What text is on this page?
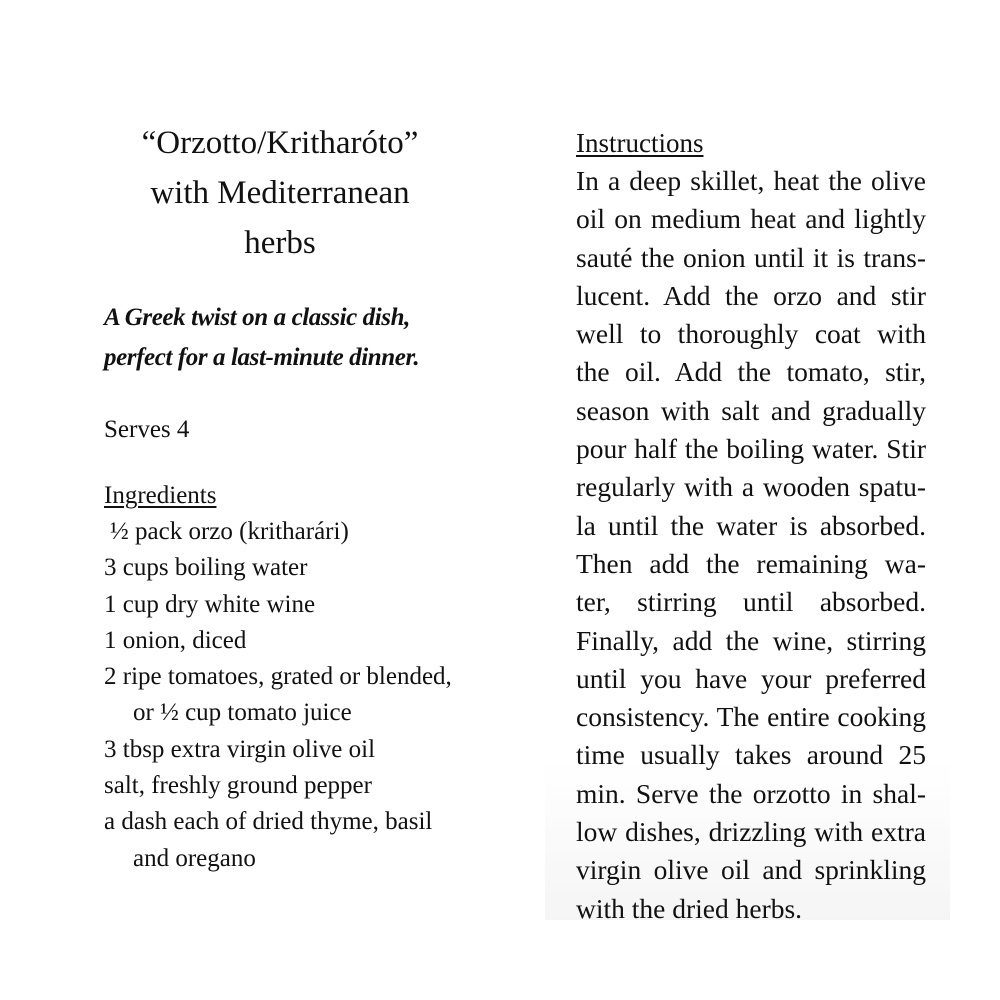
“Orzotto/Kritharóto”
with Mediterranean
herbs

A Greek twist on a classic dish,
perfect for a last-minute dinner.

Serves 4

Ingredients
½ pack orzo (kritharári)
3 cups boiling water
1 cup dry white wine
1 onion, diced
2 ripe tomatoes, grated or blended,
or ½ cup tomato juice
3 tbsp extra virgin olive oil
salt, freshly ground pepper
a dash each of dried thyme, basil
and oregano
Instructions
In a deep skillet, heat the olive
oil on medium heat and lightly
sauté the onion until it is trans-
lucent. Add the orzo and stir
well to thoroughly coat with
the oil. Add the tomato, stir,
season with salt and gradually
pour half the boiling water. Stir
regularly with a wooden spatu-
la until the water is absorbed.
Then add the remaining wa-
ter, stirring until absorbed.
Finally, add the wine, stirring
until you have your preferred
consistency. The entire cooking
time usually takes around 25
min. Serve the orzotto in shal-
low dishes, drizzling with extra
virgin olive oil and sprinkling
with the dried herbs.
